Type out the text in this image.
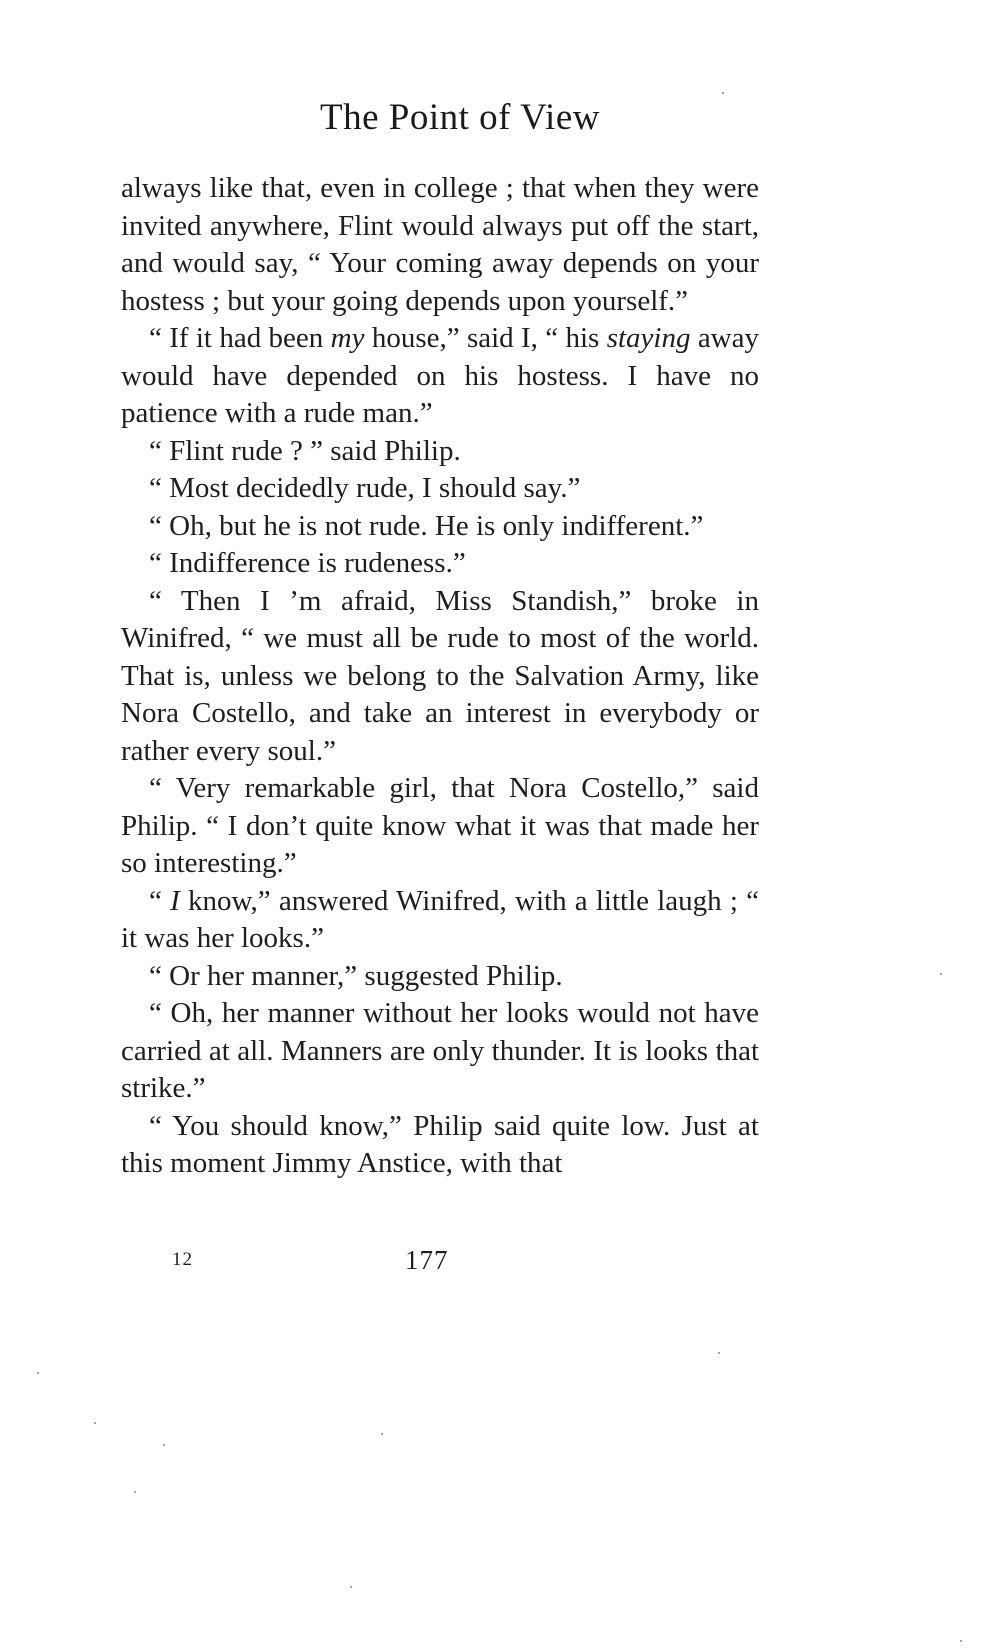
The Point of View

always like that, even in college ; that when they were invited anywhere, Flint would always put off the start, and would say, “ Your coming away depends on your hostess ; but your going depends upon yourself.”

“ If it had been my house,” said I, “ his staying away would have depended on his hostess. I have no patience with a rude man.”

“ Flint rude ? ” said Philip.

“ Most decidedly rude, I should say.”

“ Oh, but he is not rude. He is only indifferent.”

“ Indifference is rudeness.”

“ Then I ’m afraid, Miss Standish,” broke in Winifred, “ we must all be rude to most of the world. That is, unless we belong to the Salvation Army, like Nora Costello, and take an interest in everybody or rather every soul.”

“ Very remarkable girl, that Nora Costello,” said Philip. “ I don’t quite know what it was that made her so interesting.”

“ I know,” answered Winifred, with a little laugh ; “ it was her looks.”

“ Or her manner,” suggested Philip.

“ Oh, her manner without her looks would not have carried at all. Manners are only thunder. It is looks that strike.”

“ You should know,” Philip said quite low. Just at this moment Jimmy Anstice, with that

12	177
